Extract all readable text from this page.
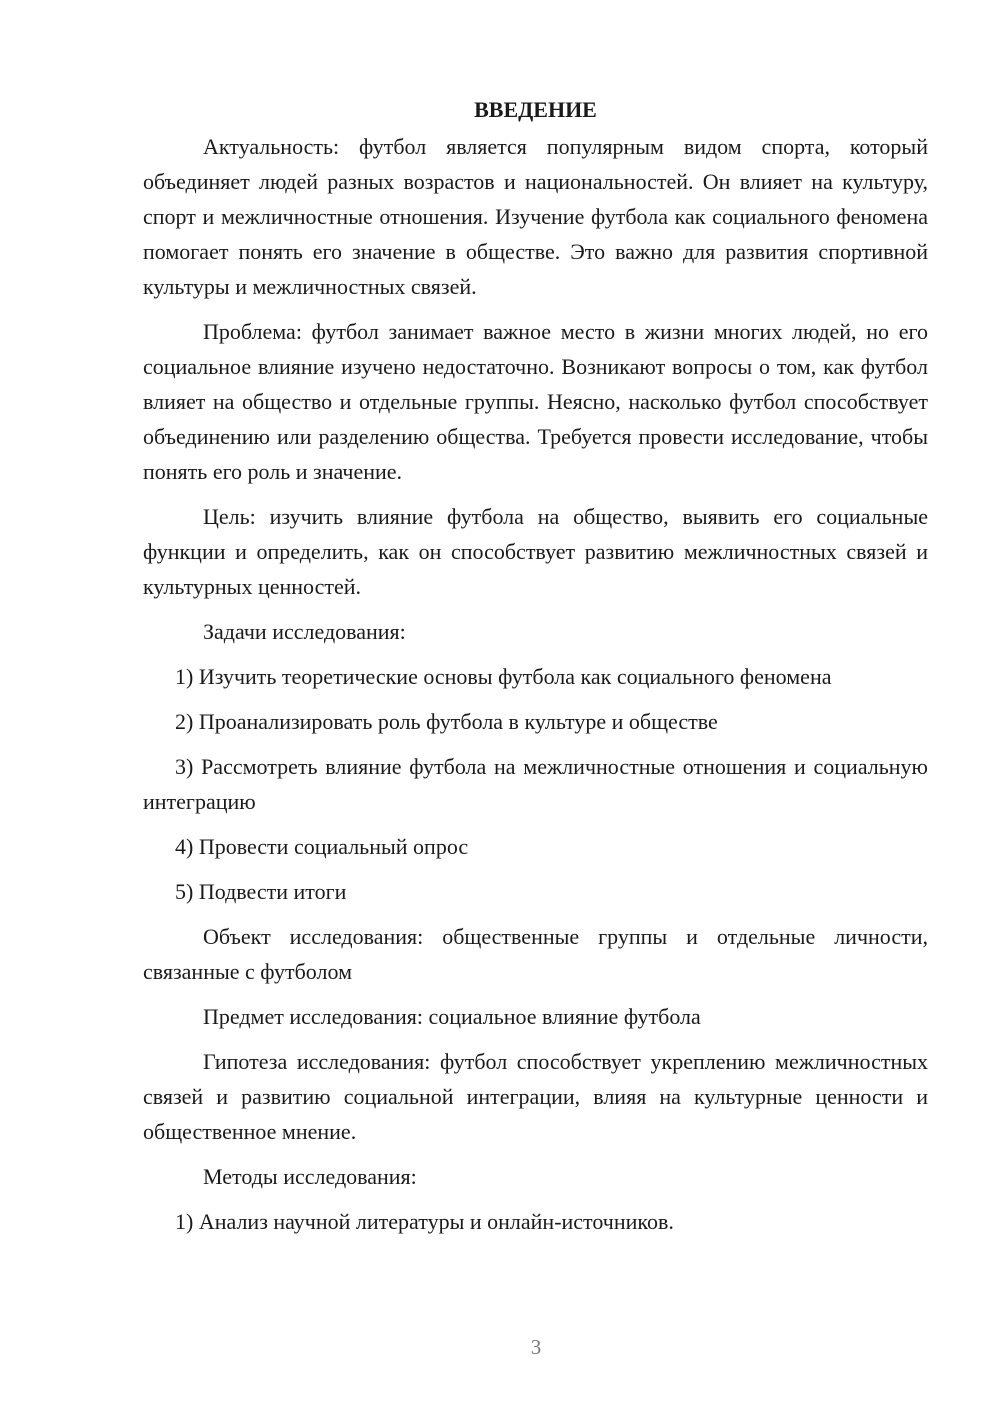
ВВЕДЕНИЕ

Актуальность: футбол является популярным видом спорта, который объединяет людей разных возрастов и национальностей. Он влияет на культуру, спорт и межличностные отношения. Изучение футбола как социального феномена помогает понять его значение в обществе. Это важно для развития спортивной культуры и межличностных связей.

Проблема: футбол занимает важное место в жизни многих людей, но его социальное влияние изучено недостаточно. Возникают вопросы о том, как футбол влияет на общество и отдельные группы. Неясно, насколько футбол способствует объединению или разделению общества. Требуется провести исследование, чтобы понять его роль и значение.

Цель: изучить влияние футбола на общество, выявить его социальные функции и определить, как он способствует развитию межличностных связей и культурных ценностей.

Задачи исследования:

1) Изучить теоретические основы футбола как социального феномена

2) Проанализировать роль футбола в культуре и обществе

3) Рассмотреть влияние футбола на межличностные отношения и социальную интеграцию

4) Провести социальный опрос

5) Подвести итоги

Объект исследования: общественные группы и отдельные личности, связанные с футболом

Предмет исследования: социальное влияние футбола

Гипотеза исследования: футбол способствует укреплению межличностных связей и развитию социальной интеграции, влияя на культурные ценности и общественное мнение.

Методы исследования:

1) Анализ научной литературы и онлайн-источников.

3
